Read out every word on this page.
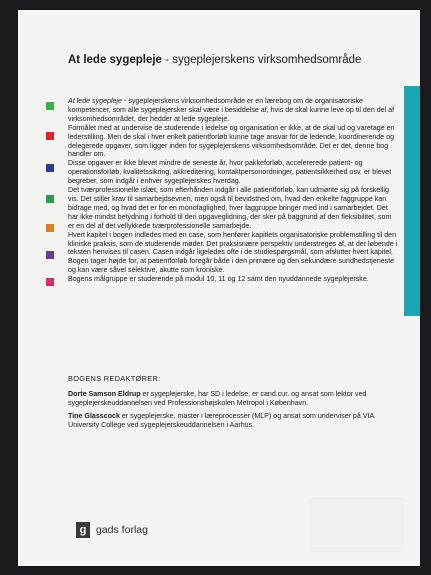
At lede sygepleje - sygeplejerskens virksomhedsområde

At lede sygepleje - sygeplejerskens virksomhedsområde er en lærebog om de organisatoriske kompetencer, som alle sygeplejersker skal være i besiddelse af, hvis de skal kunne leve op til den del af virksomhedsområdet, der hedder at lede sygepleje.

Formålet med at undervise de studerende i ledelse og organisation er ikke, at de skal ud og varetage en lederstilling. Men de skal i hver enkelt patientforløb kunne tage ansvar for de ledende, koordinerende og delegerede opgaver, som ligger inden for sygeplejerskens virksomhedsområde. Det er det, denne bog handler om.

Disse opgaver er ikke blevet mindre de seneste år, hvor pakkeforløb, accelererede patient- og operationsforløb, kvalitetssikring, akkreditering, kontaktpersonordninger, patientsikkerhed osv. er blevet begreber, som indgår i enhver sygeplejerskes hverdag.

Det tværprofessionelle islæt, som efterhånden indgår i alle patientforløb, kan udmønte sig på forskellig vis. Det stiller krav til samarbejdsevnen, men også til bevidsthed om, hvad den enkelte faggruppe kan bidrage med, og hvad det er for en monofaglighed, hver faggruppe bringer med ind i samarbejdet. Det har ikke mindst betydning i forhold til den opgaveglidning, der sker på baggrund af den fleksibilitet, som er en del af det vellykkede tværprofessionelle samarbejde.

Hvert kapitel i bogen indledes med en case, som henfører kapitlets organisatoriske problemstilling til den kliniske praksis, som de studerende møder. Det praksisnære perspektiv understreges af, at der løbende i teksten henvises til casen. Casen indgår ligeledes ofte i de studiespørgsmål, som afslutter hvert kapitel.

Bogen tager højde for, at patientforløb foregår både i den primære og den sekundære sundhedstjeneste og kan være såvel selektive, akutte som kroniske.

Bogens målgruppe er studerende på modul 10, 11 og 12 samt den nyuddannede sygeplejerske.

BOGENS REDAKTØRER:
Dorte Samson Eldrup er sygeplejerske, har SD i ledelse, er cand.cur. og ansat som lektor ved sygeplejerskeuddannelsen ved Professionshøjskolen Metropol i København.
Tine Glasscock er sygeplejerske, master i læreprocesser (MLP) og ansat som underviser på VIA University College ved sygeplejerskeuddannelsen i Aarhus.
g gads forlag
